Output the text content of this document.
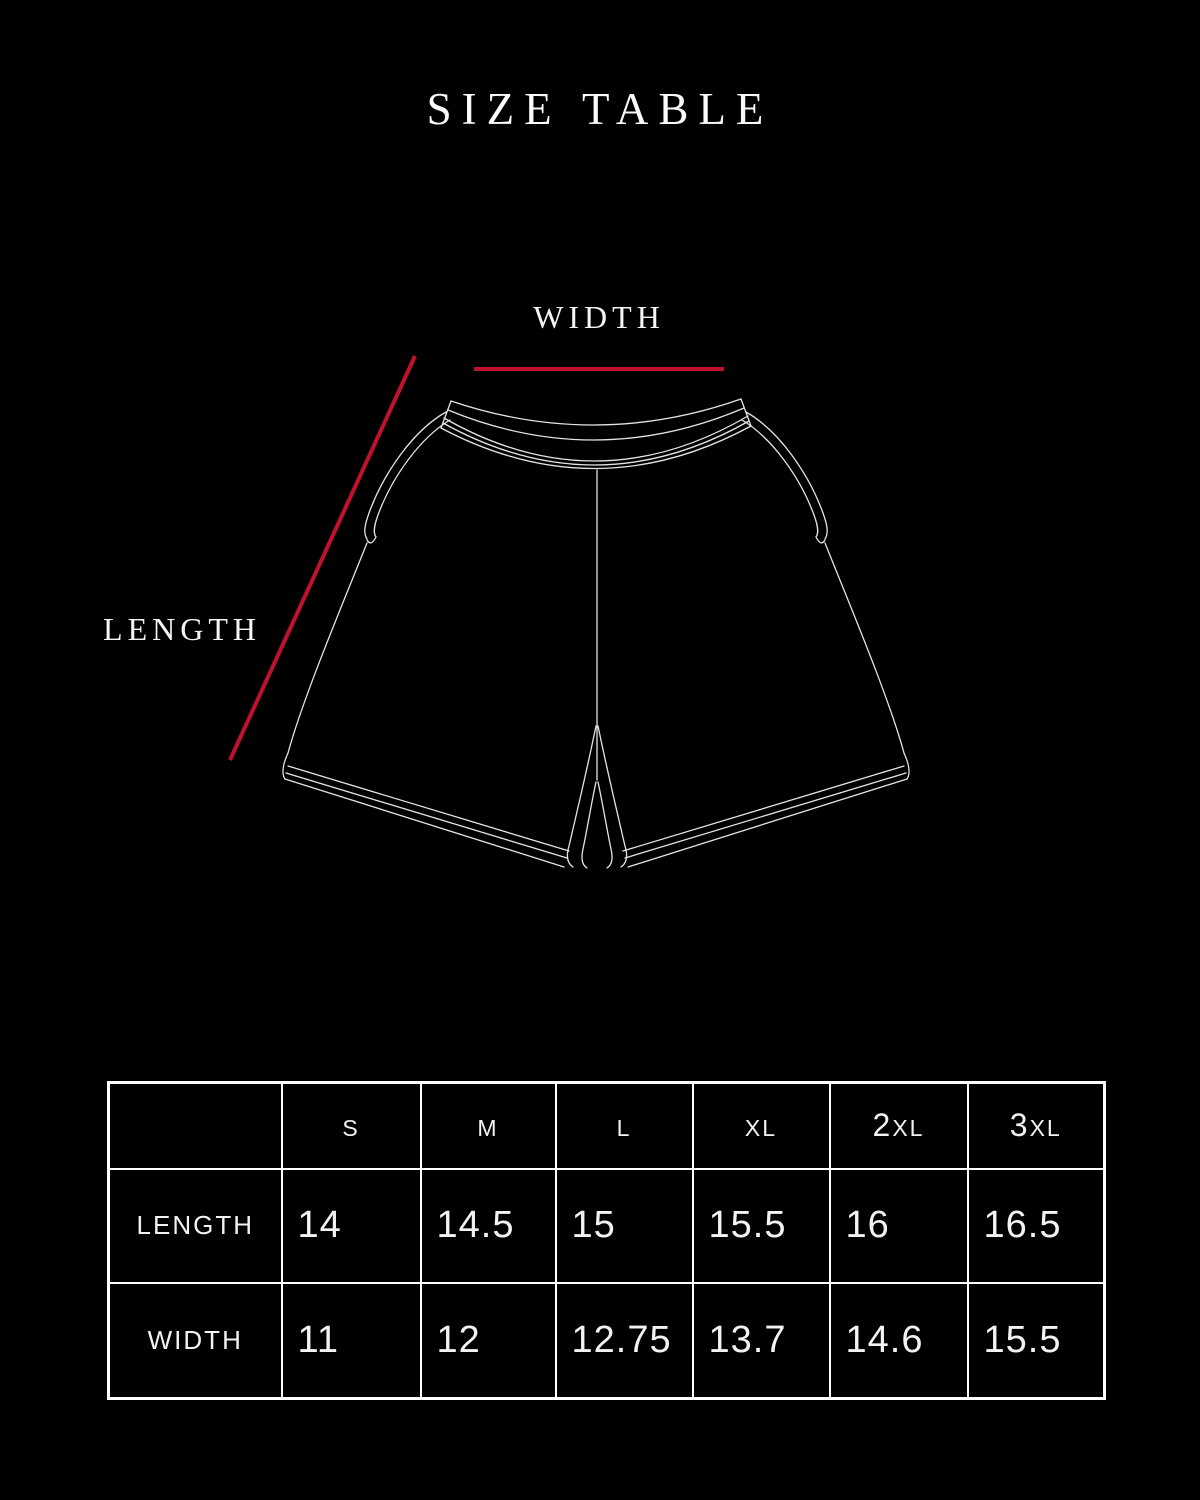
SIZE TABLE
WIDTH
LENGTH
	S	M	L	XL	2XL	3XL
LENGTH	14	14.5	15	15.5	16	16.5
WIDTH	11	12	12.75	13.7	14.6	15.5
